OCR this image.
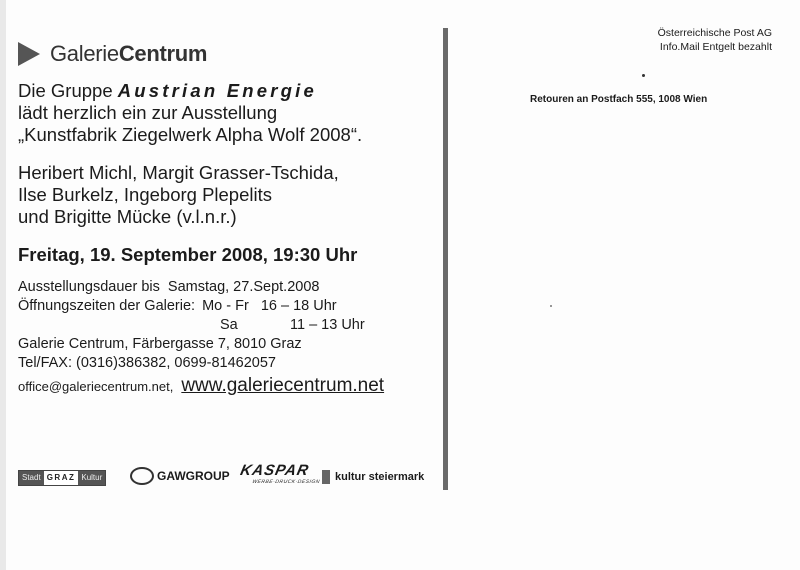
Galerie Centrum
Die Gruppe Austrian Energie
lädt herzlich ein zur Ausstellung
„Kunstfabrik Ziegelwerk Alpha Wolf 2008“.
Heribert Michl, Margit Grasser-Tschida,
Ilse Burkelz, Ingeborg Plepelits
und Brigitte Mücke (v.l.n.r.)
Freitag, 19. September 2008, 19:30 Uhr
Ausstellungsdauer bis Samstag, 27.Sept.2008
Öffnungszeiten der Galerie: Mo - Fr 16 – 18 Uhr
Sa	11 – 13 Uhr
Galerie Centrum, Färbergasse 7, 8010 Graz
Tel/FAX: (0316)386382, 0699-81462057
office@galeriecentrum.net, www.galeriecentrum.net
Stadt GRAZ Kultur	GAWGROUP KASPAR
WERBE·DRUCK·DESIGN kultur steiermark
Österreichische Post AG
Info.Mail Entgelt bezahlt
Retouren an Postfach 555, 1008 Wien
